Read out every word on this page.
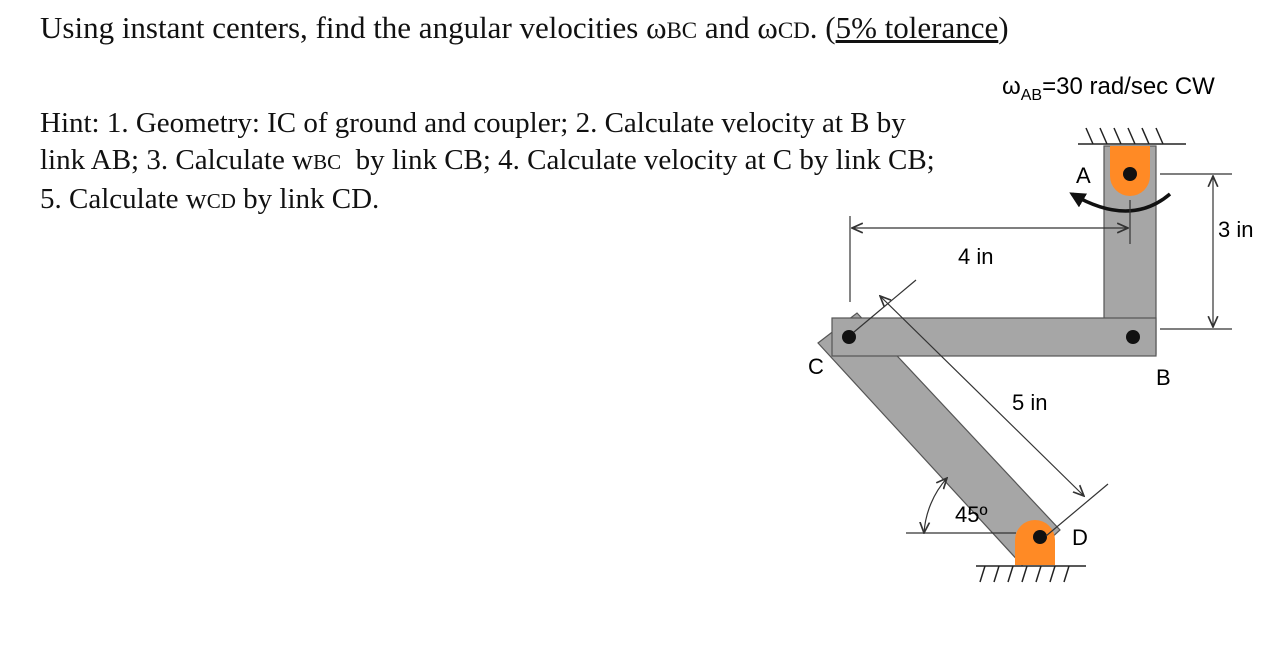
Using instant centers, find the angular velocities ωBC and ωCD. (5% tolerance)
Hint: 1. Geometry: IC of ground and coupler; 2. Calculate velocity at B by
link AB; 3. Calculate wBC  by link CB; 4. Calculate velocity at C by link CB;
5. Calculate wCD by link CD.
$\omega_{AB}=30$ rad/sec CW
4 in
3 in
5 in
45º
A
B
C
D
